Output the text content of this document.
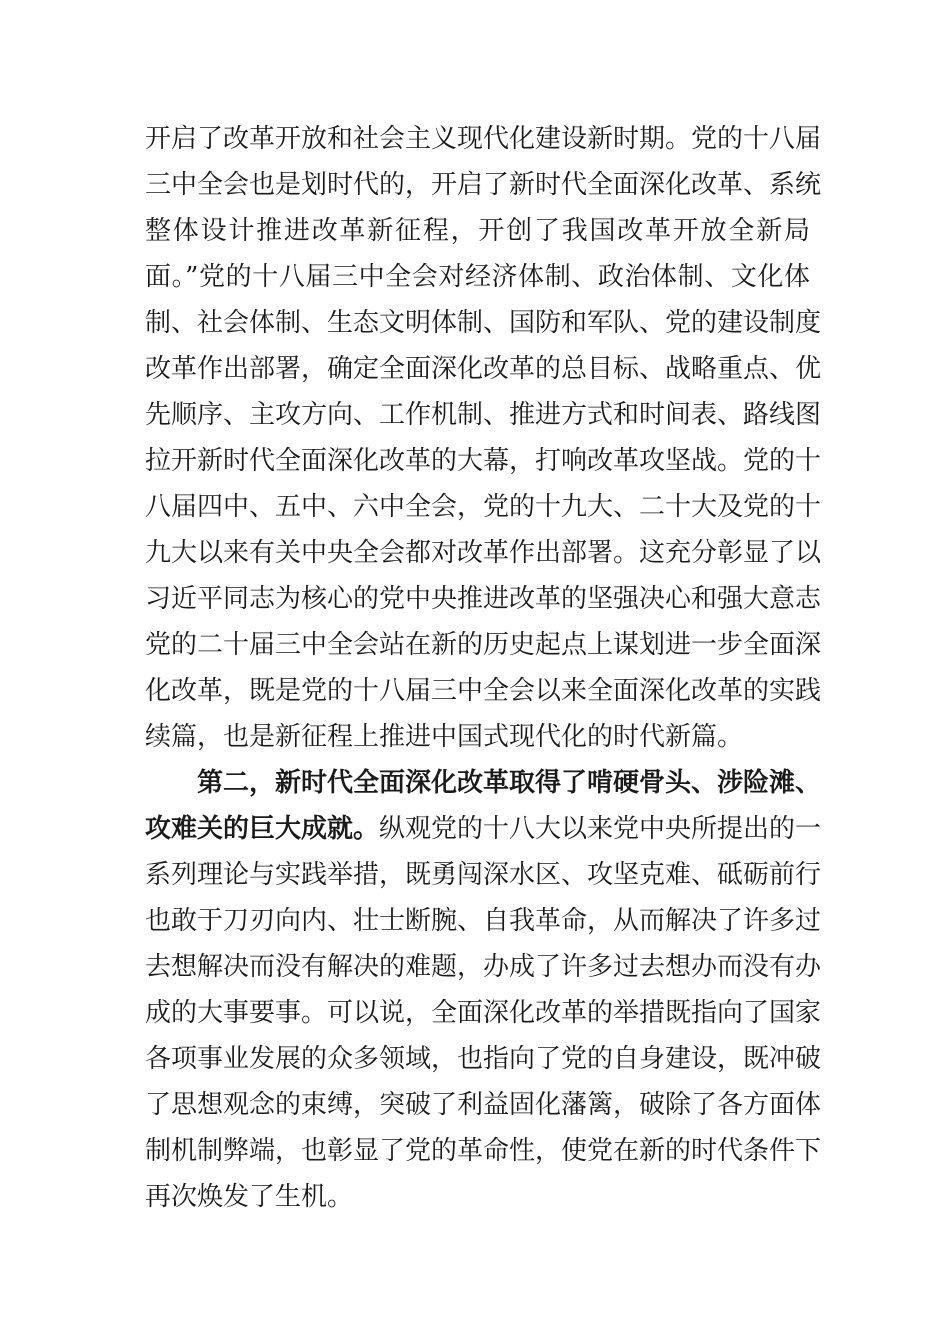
开启了改革开放和社会主义现代化建设新时期。党的十八届
三中全会也是划时代的，开启了新时代全面深化改革、系统
整体设计推进改革新征程，开创了我国改革开放全新局
面。”党的十八届三中全会对经济体制、政治体制、文化体
制、社会体制、生态文明体制、国防和军队、党的建设制度
改革作出部署，确定全面深化改革的总目标、战略重点、优
先顺序、主攻方向、工作机制、推进方式和时间表、路线图
拉开新时代全面深化改革的大幕，打响改革攻坚战。党的十
八届四中、五中、六中全会，党的十九大、二十大及党的十
九大以来有关中央全会都对改革作出部署。这充分彰显了以
习近平同志为核心的党中央推进改革的坚强决心和强大意志
党的二十届三中全会站在新的历史起点上谋划进一步全面深
化改革，既是党的十八届三中全会以来全面深化改革的实践
续篇，也是新征程上推进中国式现代化的时代新篇。
第二，新时代全面深化改革取得了啃硬骨头、涉险滩、
攻难关的巨大成就。纵观党的十八大以来党中央所提出的一
系列理论与实践举措，既勇闯深水区、攻坚克难、砥砺前行
也敢于刀刃向内、壮士断腕、自我革命，从而解决了许多过
去想解决而没有解决的难题，办成了许多过去想办而没有办
成的大事要事。可以说，全面深化改革的举措既指向了国家
各项事业发展的众多领域，也指向了党的自身建设，既冲破
了思想观念的束缚，突破了利益固化藩篱，破除了各方面体
制机制弊端，也彰显了党的革命性，使党在新的时代条件下
再次焕发了生机。
